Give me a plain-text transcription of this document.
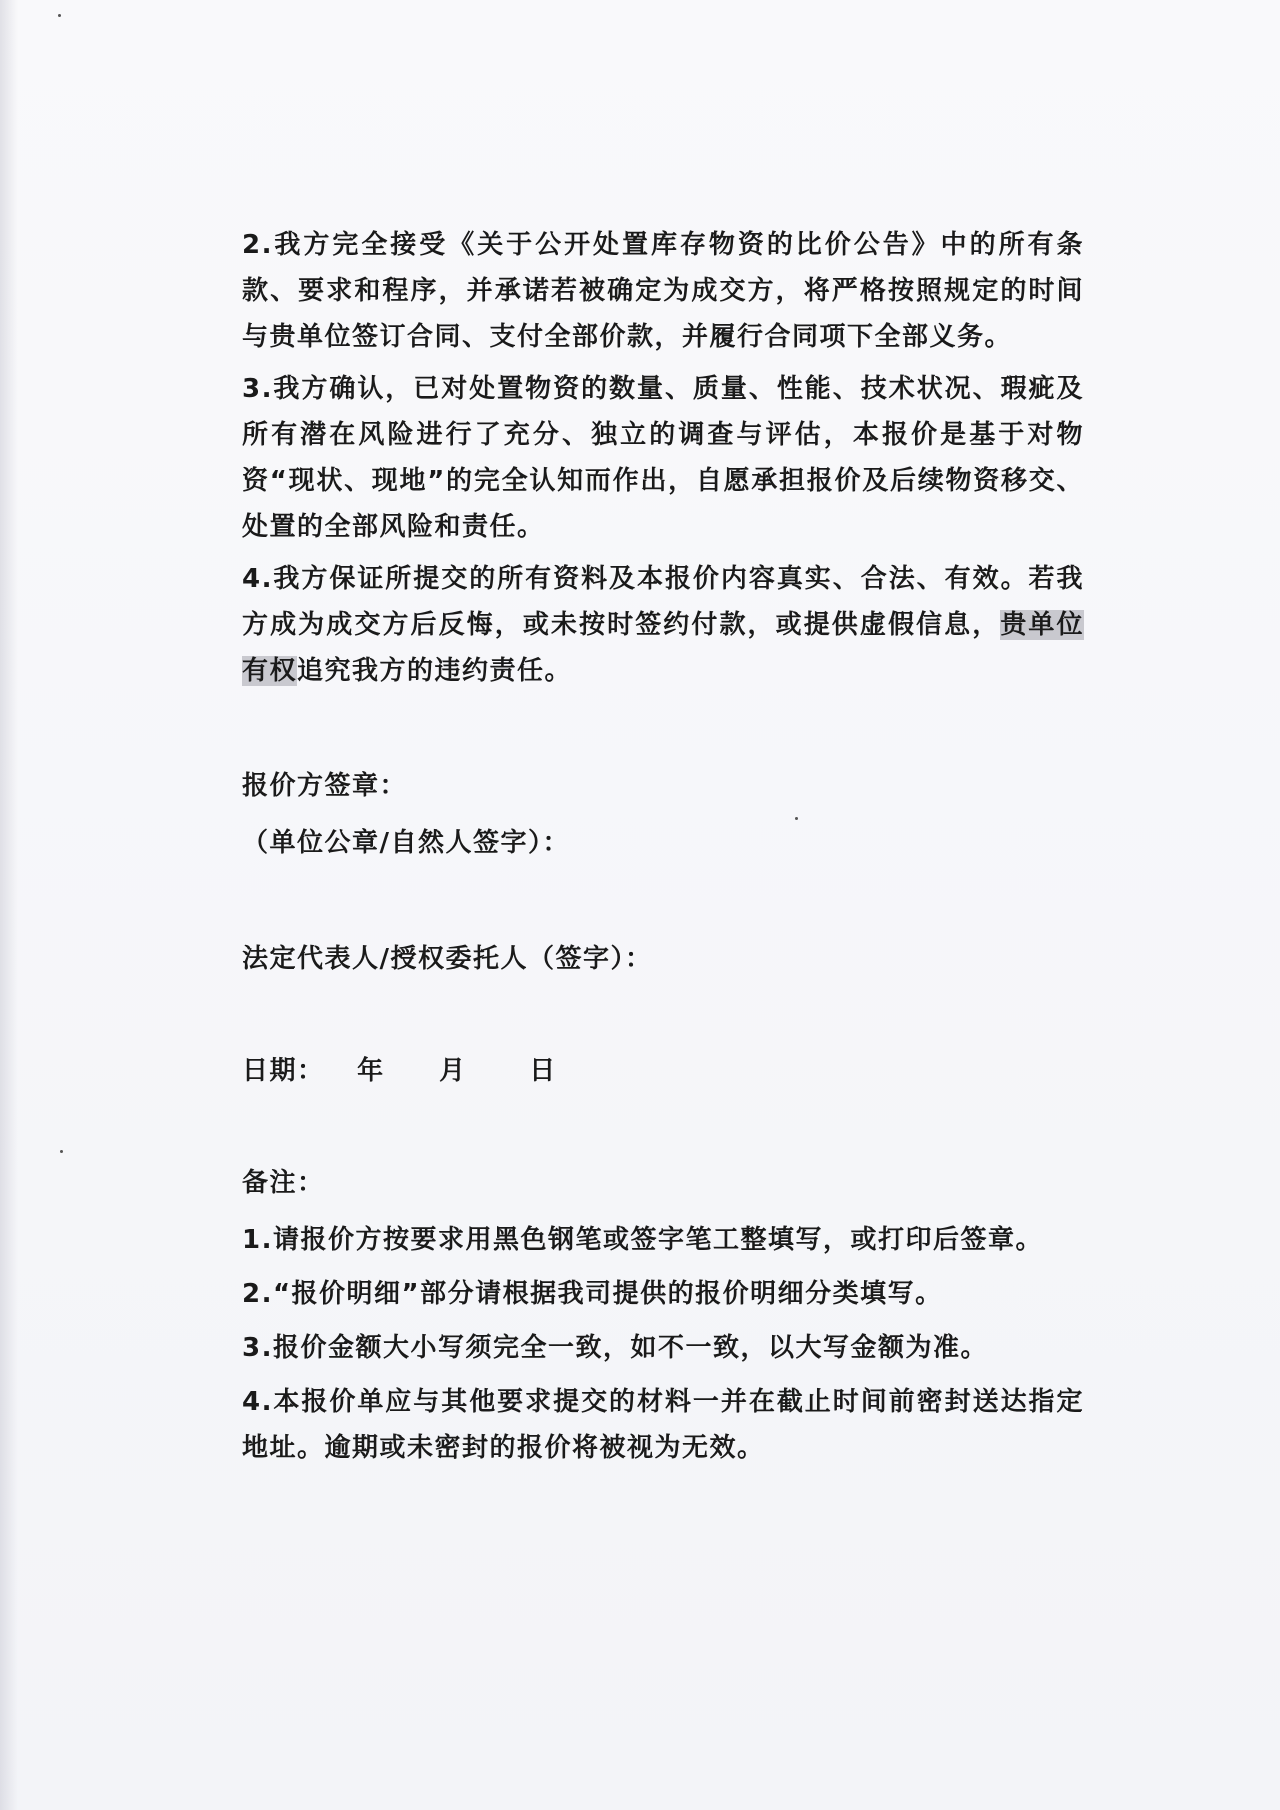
2.我方完全接受《关于公开处置库存物资的比价公告》中的所有条款、要求和程序，并承诺若被确定为成交方，将严格按照规定的时间与贵单位签订合同、支付全部价款，并履行合同项下全部义务。

3.我方确认，已对处置物资的数量、质量、性能、技术状况、瑕疵及所有潜在风险进行了充分、独立的调查与评估，本报价是基于对物资“现状、现地”的完全认知而作出，自愿承担报价及后续物资移交、处置的全部风险和责任。

4.我方保证所提交的所有资料及本报价内容真实、合法、有效。若我方成为成交方后反悔，或未按时签约付款，或提供虚假信息，贵单位有权追究我方的违约责任。

报价方签章：
（单位公章/自然人签字）：
法定代表人/授权委托人（签字）：
日期： 年 月 日
备注：

1.请报价方按要求用黑色钢笔或签字笔工整填写，或打印后签章。

2.“报价明细”部分请根据我司提供的报价明细分类填写。

3.报价金额大小写须完全一致，如不一致，以大写金额为准。

4.本报价单应与其他要求提交的材料一并在截止时间前密封送达指定地址。逾期或未密封的报价将被视为无效。
